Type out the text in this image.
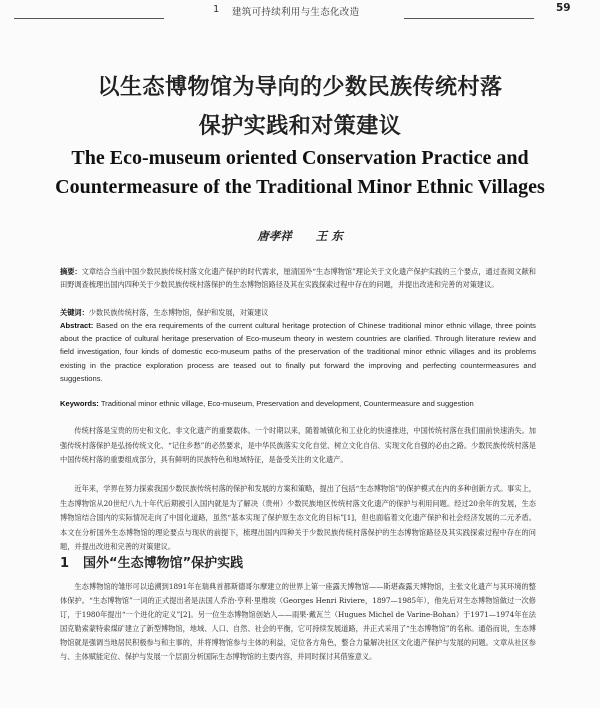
1 建筑可持续利用与生态化改造	59
以生态博物馆为导向的少数民族传统村落
保护实践和对策建议
The Eco-museum oriented Conservation Practice and
Countermeasure of the Traditional Minor Ethnic Villages
唐孝祥 王 东
摘要：文章结合当前中国少数民族传统村落文化遗产保护的时代需求，厘清国外“生态博物馆”理论关于文化遗产保护实践的三个要点，通过查阅文献和田野调查梳理出国内四种关于少数民族传统村落保护的生态博物馆路径及其在实践探索过程中存在的问题，并提出改进和完善的对策建议。
关键词：少数民族传统村落，生态博物馆，保护和发展，对策建议
Abstract: Based on the era requirements of the current cultural heritage protection of Chinese traditional minor ethnic village, three points about the practice of cultural heritage preservation of Eco-museum theory in western countries are clarified. Through literature review and field investigation, four kinds of domestic eco-museum paths of the preservation of the traditional minor ethnic villages and its problems existing in the practice exploration process are teased out to finally put forward the improving and perfecting countermeasures and suggestions.
Keywords: Traditional minor ethnic village, Eco-museum, Preservation and development, Countermeasure and suggestion
传统村落是宝贵的历史和文化、非文化遗产的重要载体。一个时期以来，随着城镇化和工业化的快速推进，中国传统村落在我们面前快速消失。加强传统村落保护是弘扬传统文化、“记住乡愁”的必然要求，是中华民族落实文化自觉、树立文化自信、实现文化自强的必由之路。少数民族传统村落是中国传统村落的重要组成部分，具有鲜明的民族特色和地域特征，是备受关注的文化遗产。
近年来，学界在努力探索我国少数民族传统村落的保护和发展的方案和策略，提出了包括“生态博物馆”的保护模式在内的多种创新方式。事实上，生态博物馆从20世纪八九十年代后期被引入国内就是为了解决（贵州）少数民族地区传统村落文化遗产的保护与利用问题。经过20余年的发展，生态博物馆结合国内的实际情况走向了中国化道路，虽然“基本实现了保护原生态文化的目标”[1]，但也面临着文化遗产保护和社会经济发展的二元矛盾。本文在分析国外生态博物馆的理论要点与现状的前提下，梳理出国内四种关于少数民族传统村落保护的生态博物馆路径及其实践探索过程中存在的问题，并提出改进和完善的对策建议。
1 国外“生态博物馆”保护实践
生态博物馆的雏形可以追溯到1891年在瑞典首都斯德哥尔摩建立的世界上第一座露天博物馆——斯堪森露天博物馆，主张文化遗产与其环境的整体保护。“生态博物馆”一词的正式提出者是法国人乔治·亨利·里维埃（Georges Henri Riviere，1897—1985年），他先后对生态博物馆做过一次修订，于1980年提出“一个进化的定义”[2]。另一位生态博物馆创始人——雨果·戴瓦兰（Hugues Michel de Varine-Bohan）于1971—1974年在法国克勒索蒙特索煤矿建立了新型博物馆，地域、人口、自然、社会的平衡，它可持续发展道路，并正式采用了“生态博物馆”的名称。通俗而说，生态博物馆就是强调当地居民积极参与和主事的，并将博物馆参与主体的利益，定位各方角色，整合力量解决社区文化遗产保护与发展的问题。文章从社区参与、主体赋能定位、保护与发展一个层面分析国际生态博物馆的主要内容，并同时探讨其借鉴意义。
